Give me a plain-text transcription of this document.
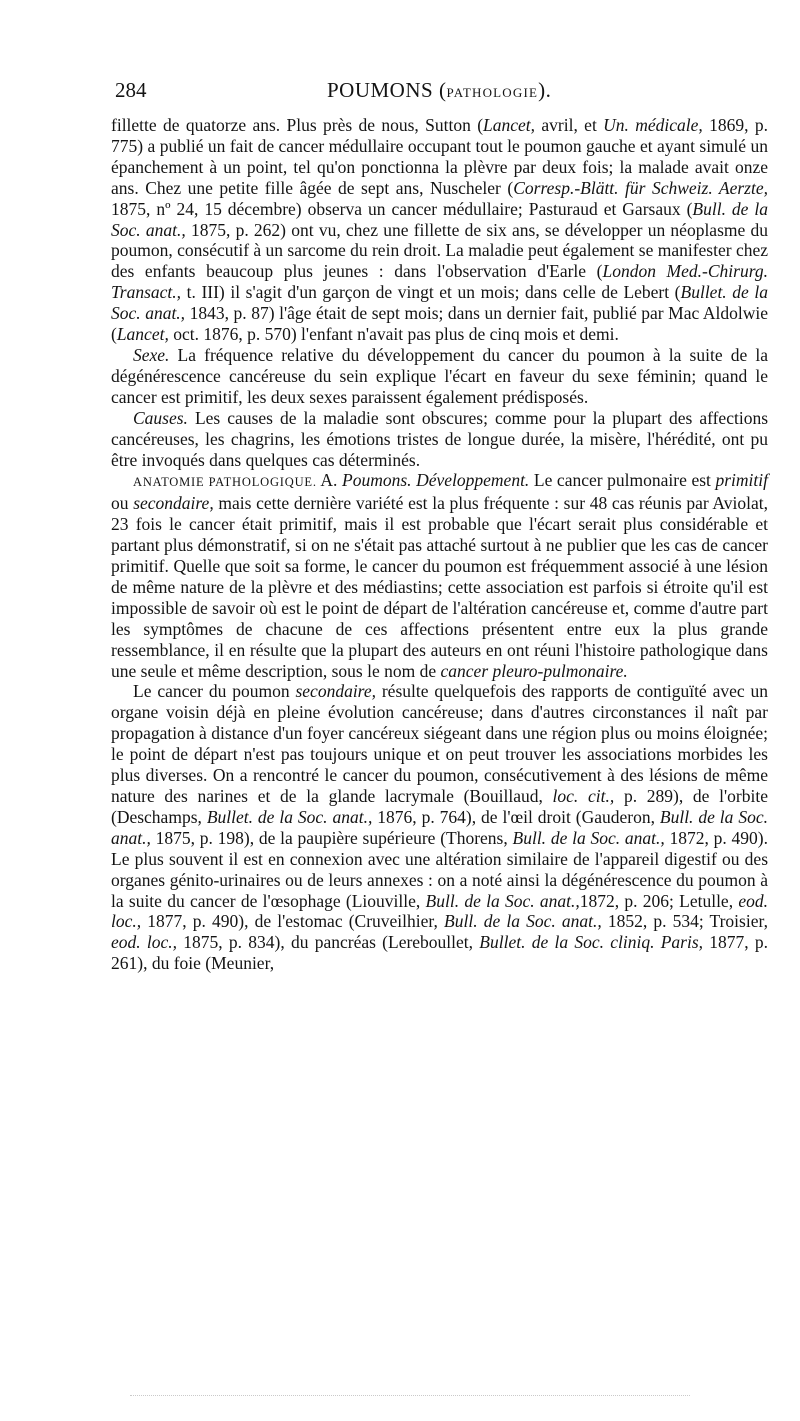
284	POUMONS (PATHOLOGIE).

fillette de quatorze ans. Plus près de nous, Sutton (Lancet, avril, et Un. médicale, 1869, p. 775) a publié un fait de cancer médullaire occupant tout le poumon gauche et ayant simulé un épanchement à un point, tel qu'on ponctionna la plèvre par deux fois; la malade avait onze ans. Chez une petite fille âgée de sept ans, Nuscheler (Corresp.-Blätt. für Schweiz. Aerzte, 1875, nº 24, 15 décembre) observa un cancer médullaire; Pasturaud et Garsaux (Bull. de la Soc. anat., 1875, p. 262) ont vu, chez une fillette de six ans, se développer un néoplasme du poumon, consécutif à un sarcome du rein droit. La maladie peut également se manifester chez des enfants beaucoup plus jeunes : dans l'observation d'Earle (London Med.-Chirurg. Transact., t. III) il s'agit d'un garçon de vingt et un mois; dans celle de Lebert (Bullet. de la Soc. anat., 1843, p. 87) l'âge était de sept mois; dans un dernier fait, publié par Mac Aldolwie (Lancet, oct. 1876, p. 570) l'enfant n'avait pas plus de cinq mois et demi.

Sexe. La fréquence relative du développement du cancer du poumon à la suite de la dégénérescence cancéreuse du sein explique l'écart en faveur du sexe féminin; quand le cancer est primitif, les deux sexes paraissent également prédisposés.

Causes. Les causes de la maladie sont obscures; comme pour la plupart des affections cancéreuses, les chagrins, les émotions tristes de longue durée, la misère, l'hérédité, ont pu être invoqués dans quelques cas déterminés.

ANATOMIE PATHOLOGIQUE. A. Poumons. Développement. Le cancer pulmonaire est primitif ou secondaire, mais cette dernière variété est la plus fréquente : sur 48 cas réunis par Aviolat, 23 fois le cancer était primitif, mais il est probable que l'écart serait plus considérable et partant plus démonstratif, si on ne s'était pas attaché surtout à ne publier que les cas de cancer primitif. Quelle que soit sa forme, le cancer du poumon est fréquemment associé à une lésion de même nature de la plèvre et des médiastins; cette association est parfois si étroite qu'il est impossible de savoir où est le point de départ de l'altération cancéreuse et, comme d'autre part les symptômes de chacune de ces affections présentent entre eux la plus grande ressemblance, il en résulte que la plupart des auteurs en ont réuni l'histoire pathologique dans une seule et même description, sous le nom de cancer pleuro-pulmonaire.

Le cancer du poumon secondaire, résulte quelquefois des rapports de contiguïté avec un organe voisin déjà en pleine évolution cancéreuse; dans d'autres circonstances il naît par propagation à distance d'un foyer cancéreux siégeant dans une région plus ou moins éloignée; le point de départ n'est pas toujours unique et on peut trouver les associations morbides les plus diverses. On a rencontré le cancer du poumon, consécutivement à des lésions de même nature des narines et de la glande lacrymale (Bouillaud, loc. cit., p. 289), de l'orbite (Deschamps, Bullet. de la Soc. anat., 1876, p. 764), de l'œil droit (Gauderon, Bull. de la Soc. anat., 1875, p. 198), de la paupière supérieure (Thorens, Bull. de la Soc. anat., 1872, p. 490). Le plus souvent il est en connexion avec une altération similaire de l'appareil digestif ou des organes génito-urinaires ou de leurs annexes : on a noté ainsi la dégénérescence du poumon à la suite du cancer de l'œsophage (Liouville, Bull. de la Soc. anat.,1872, p. 206; Letulle, eod. loc., 1877, p. 490), de l'estomac (Cruveilhier, Bull. de la Soc. anat., 1852, p. 534; Troisier, eod. loc., 1875, p. 834), du pancréas (Lereboullet, Bullet. de la Soc. cliniq. Paris, 1877, p. 261), du foie (Meunier,
